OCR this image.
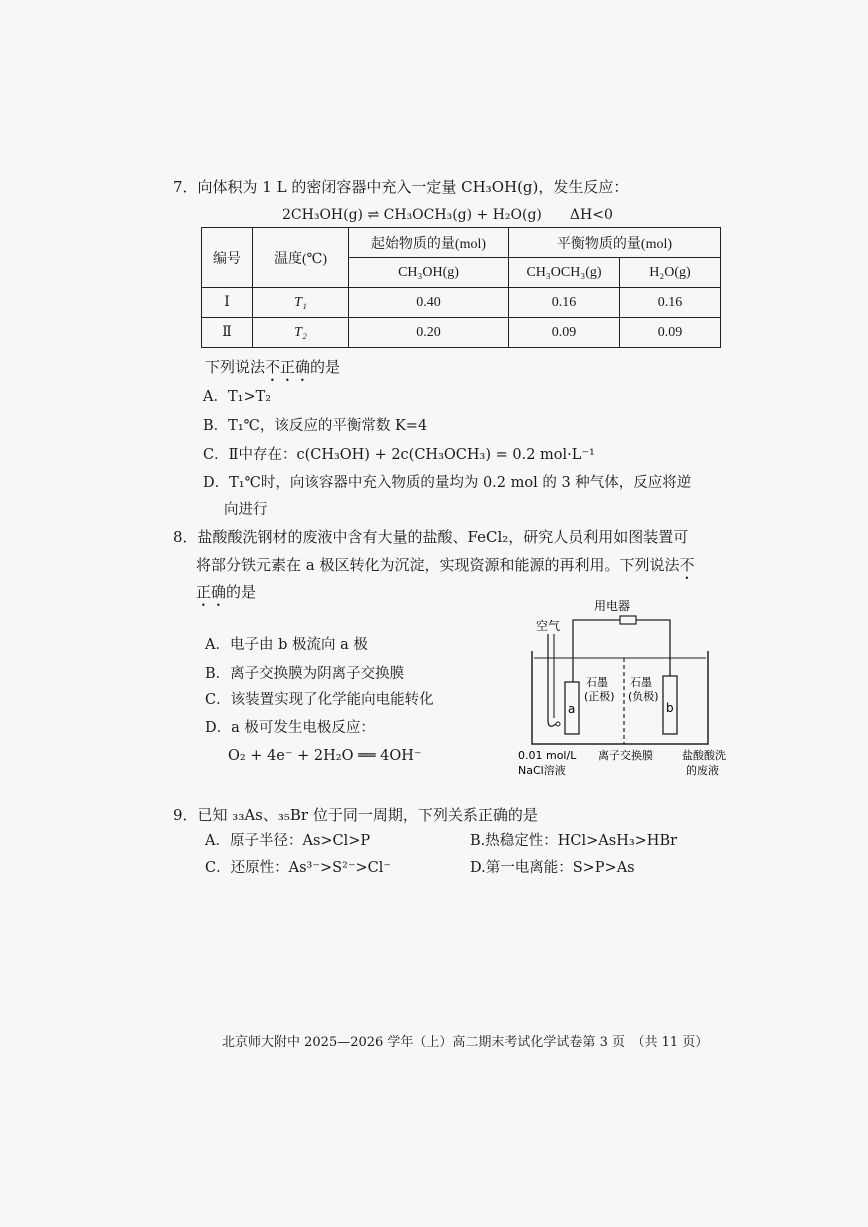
7．向体积为 1 L 的密闭容器中充入一定量 CH₃OH(g)，发生反应：
2CH₃OH(g) ⇌ CH₃OCH₃(g) + H₂O(g)　　ΔH<0
编号	温度(℃)	起始物质的量(mol)	平衡物质的量(mol)	
		CH₃OH(g)	CH₃OCH₃(g)	H₂O(g)
Ⅰ	T₁	0.40	0.16	0.16
Ⅱ	T₂	0.20	0.09	0.09
下列说法不正确的是
A．T₁>T₂
B．T₁℃，该反应的平衡常数 K=4
C．Ⅱ中存在：c(CH₃OH) + 2c(CH₃OCH₃) = 0.2 mol·L⁻¹
D．T₁℃时，向该容器中充入物质的量均为 0.2 mol 的 3 种气体，反应将逆
向进行
8．盐酸酸洗钢材的废液中含有大量的盐酸、FeCl₂，研究人员利用如图装置可
将部分铁元素在 a 极区转化为沉淀，实现资源和能源的再利用。下列说法不
正确的是
A．电子由 b 极流向 a 极
B．离子交换膜为阴离子交换膜
C．该装置实现了化学能向电能转化
D．a 极可发生电极反应：
O₂ + 4e⁻ + 2H₂O ══ 4OH⁻
用电器
空气
a
石墨
(正极)
b
石墨
(负极)
0.01 mol/L
NaCl溶液
离子交换膜	盐酸酸洗
的废液
9．已知 ₃₃As、₃₅Br 位于同一周期，下列关系正确的是
A．原子半径：As>Cl>P	B.热稳定性：HCl>AsH₃>HBr
C．还原性：As³⁻>S²⁻>Cl⁻	D.第一电离能：S>P>As
北京师大附中 2025—2026 学年（上）高二期末考试化学试卷第 3 页　（共 11 页）
